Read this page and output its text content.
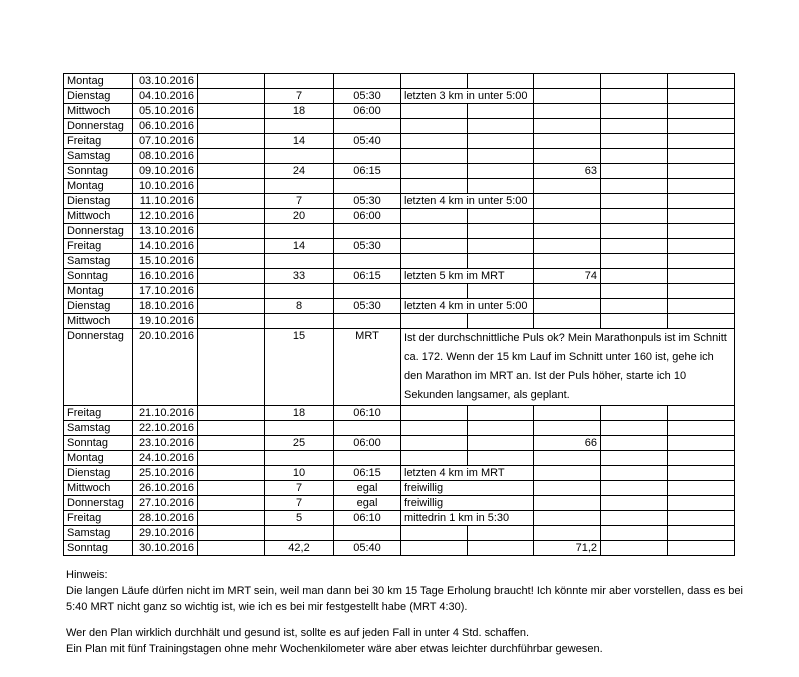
Montag	03.10.2016								
Dienstag	04.10.2016		7	05:30	letzten 3 km in unter 5:00				
Mittwoch	05.10.2016		18	06:00					
Donnerstag	06.10.2016								
Freitag	07.10.2016		14	05:40					
Samstag	08.10.2016								
Sonntag	09.10.2016		24	06:15			63		
Montag	10.10.2016								
Dienstag	11.10.2016		7	05:30	letzten 4 km in unter 5:00				
Mittwoch	12.10.2016		20	06:00					
Donnerstag	13.10.2016								
Freitag	14.10.2016		14	05:30					
Samstag	15.10.2016								
Sonntag	16.10.2016		33	06:15	letzten 5 km im MRT		74		
Montag	17.10.2016								
Dienstag	18.10.2016		8	05:30	letzten 4 km in unter 5:00				
Mittwoch	19.10.2016								
Donnerstag	20.10.2016		15	MRT	Ist der durchschnittliche Puls ok? Mein Marathonpuls ist im Schnitt ca. 172. Wenn der 15 km Lauf im Schnitt unter 160 ist, gehe ich den Marathon im MRT an. Ist der Puls höher, starte ich 10 Sekunden langsamer, als geplant.				
Freitag	21.10.2016		18	06:10					
Samstag	22.10.2016								
Sonntag	23.10.2016		25	06:00			66		
Montag	24.10.2016								
Dienstag	25.10.2016		10	06:15	letzten 4 km im MRT				
Mittwoch	26.10.2016		7	egal	freiwillig				
Donnerstag	27.10.2016		7	egal	freiwillig				
Freitag	28.10.2016		5	06:10	mittedrin 1 km in 5:30				
Samstag	29.10.2016								
Sonntag	30.10.2016		42,2	05:40			71,2		

Hinweis:

Die langen Läufe dürfen nicht im MRT sein, weil man dann bei 30 km 15 Tage Erholung braucht! Ich könnte mir aber vorstellen, dass es bei 5:40 MRT nicht ganz so wichtig ist, wie ich es bei mir festgestellt habe (MRT 4:30).

Wer den Plan wirklich durchhält und gesund ist, sollte es auf jeden Fall in unter 4 Std. schaffen.

Ein Plan mit fünf Trainingstagen ohne mehr Wochenkilometer wäre aber etwas leichter durchführbar gewesen.
